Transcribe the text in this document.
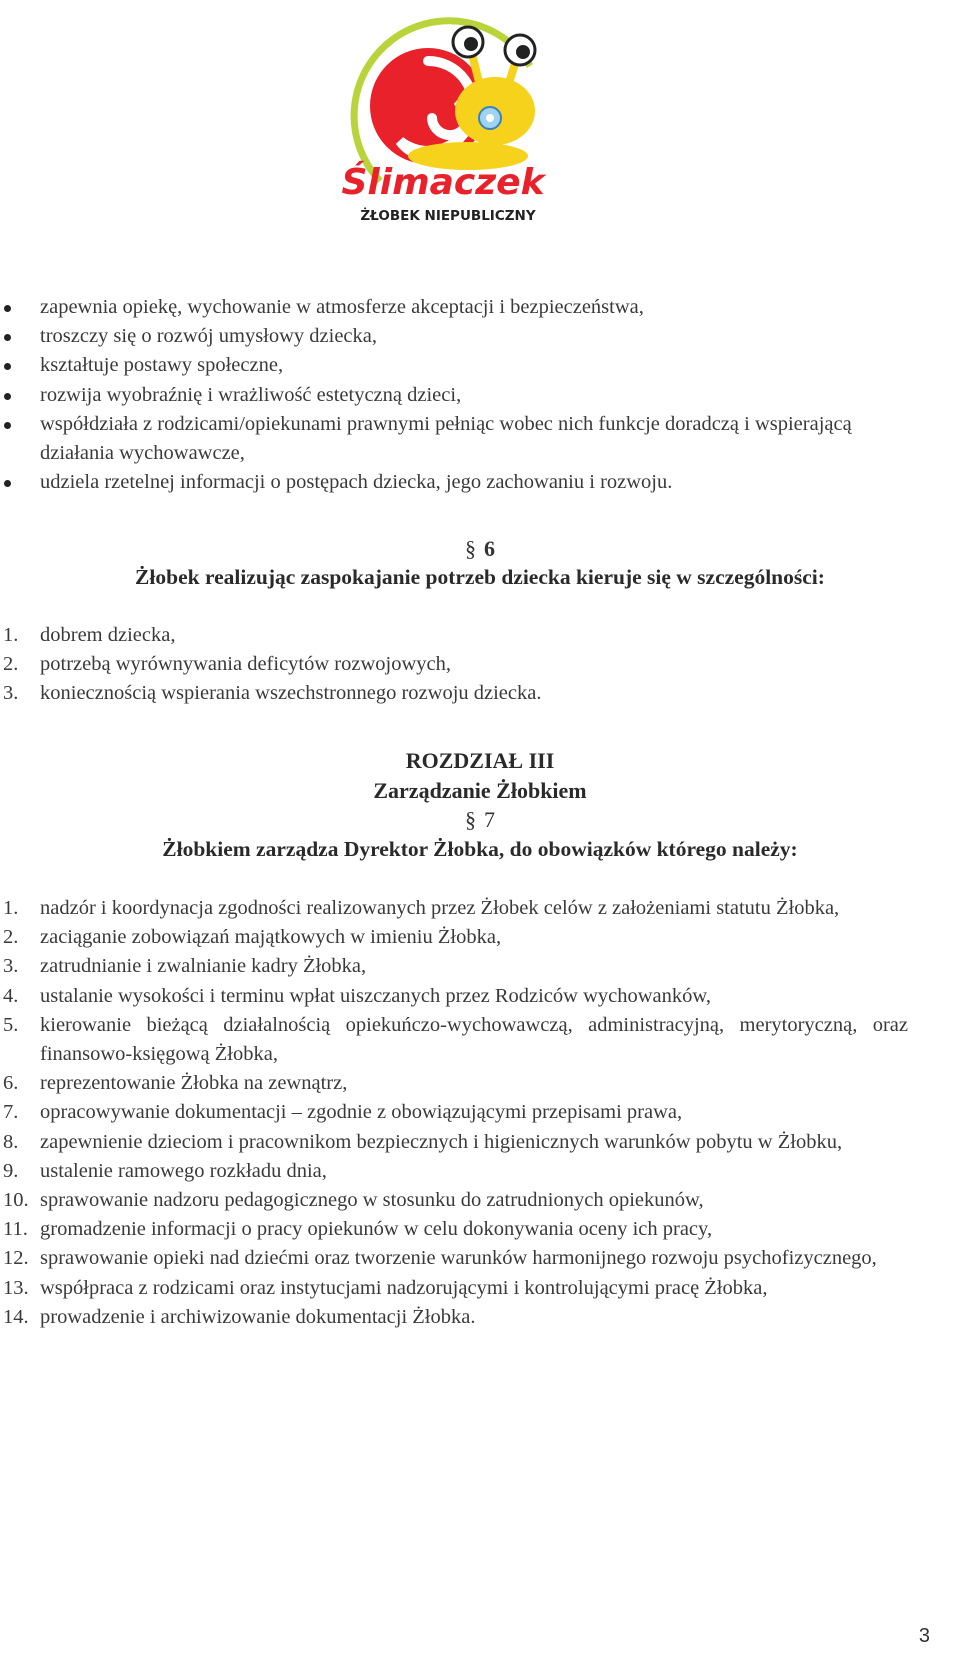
Ślimaczek
ŻŁOBEK NIEPUBLICZNY
zapewnia opiekę, wychowanie w atmosferze akceptacji i bezpieczeństwa,
troszczy się o rozwój umysłowy dziecka,
kształtuje postawy społeczne,
rozwija wyobraźnię i wrażliwość estetyczną dzieci,
współdziała z rodzicami/opiekunami prawnymi pełniąc wobec nich funkcje doradczą i wspierającą działania wychowawcze,
udziela rzetelnej informacji o postępach dziecka, jego zachowaniu i rozwoju.
§ 6
Żłobek realizując zaspokajanie potrzeb dziecka kieruje się w szczególności:
1. dobrem dziecka,
2. potrzebą wyrównywania deficytów rozwojowych,
3. koniecznością wspierania wszechstronnego rozwoju dziecka.
ROZDZIAŁ III
Zarządzanie Żłobkiem
§ 7
Żłobkiem zarządza Dyrektor Żłobka, do obowiązków którego należy:
1. nadzór i koordynacja zgodności realizowanych przez Żłobek celów z założeniami statutu Żłobka,
2. zaciąganie zobowiązań majątkowych w imieniu Żłobka,
3. zatrudnianie i zwalnianie kadry Żłobka,
4. ustalanie wysokości i terminu wpłat uiszczanych przez Rodziców wychowanków,
5. kierowanie bieżącą działalnością opiekuńczo-wychowawczą, administracyjną, merytoryczną, oraz finansowo-księgową Żłobka,
6. reprezentowanie Żłobka na zewnątrz,
7. opracowywanie dokumentacji – zgodnie z obowiązującymi przepisami prawa,
8. zapewnienie dzieciom i pracownikom bezpiecznych i higienicznych warunków pobytu w Żłobku,
9. ustalenie ramowego rozkładu dnia,
10. sprawowanie nadzoru pedagogicznego w stosunku do zatrudnionych opiekunów,
11. gromadzenie informacji o pracy opiekunów w celu dokonywania oceny ich pracy,
12. sprawowanie opieki nad dziećmi oraz tworzenie warunków harmonijnego rozwoju psychofizycznego,
13. współpraca z rodzicami oraz instytucjami nadzorującymi i kontrolującymi pracę Żłobka,
14. prowadzenie i archiwizowanie dokumentacji Żłobka.
3
